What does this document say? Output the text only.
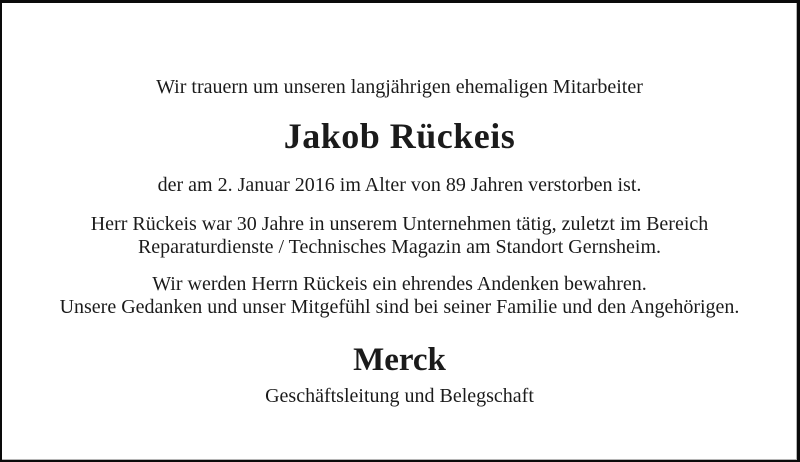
Wir trauern um unseren langjährigen ehemaligen Mitarbeiter
Jakob Rückeis
der am 2. Januar 2016 im Alter von 89 Jahren verstorben ist.
Herr Rückeis war 30 Jahre in unserem Unternehmen tätig, zuletzt im Bereich
Reparaturdienste / Technisches Magazin am Standort Gernsheim.
Wir werden Herrn Rückeis ein ehrendes Andenken bewahren.
Unsere Gedanken und unser Mitgefühl sind bei seiner Familie und den Angehörigen.
Merck
Geschäftsleitung und Belegschaft
